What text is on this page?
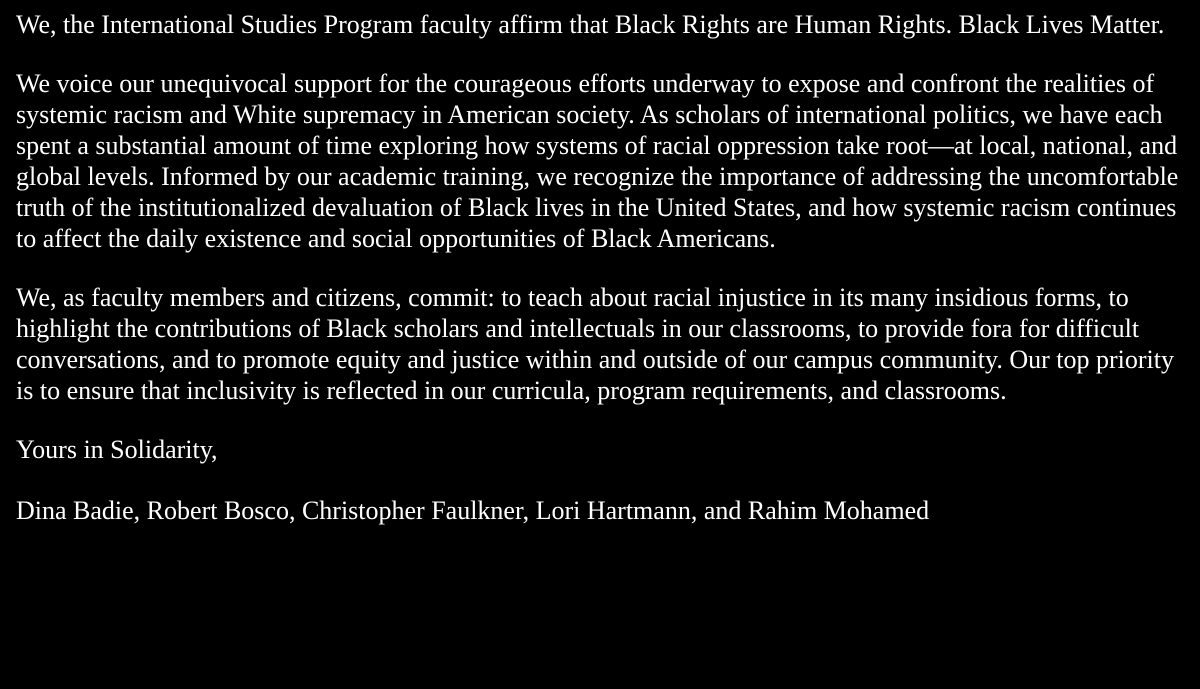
We, the International Studies Program faculty affirm that Black Rights are Human Rights. Black Lives Matter.

We voice our unequivocal support for the courageous efforts underway to expose and confront the realities of systemic racism and White supremacy in American society. As scholars of international politics, we have each spent a substantial amount of time exploring how systems of racial oppression take root—at local, national, and global levels. Informed by our academic training, we recognize the importance of addressing the uncomfortable truth of the institutionalized devaluation of Black lives in the United States, and how systemic racism continues to affect the daily existence and social opportunities of Black Americans.

We, as faculty members and citizens, commit: to teach about racial injustice in its many insidious forms, to highlight the contributions of Black scholars and intellectuals in our classrooms, to provide fora for difficult conversations, and to promote equity and justice within and outside of our campus community. Our top priority is to ensure that inclusivity is reflected in our curricula, program requirements, and classrooms.

Yours in Solidarity,

Dina Badie, Robert Bosco, Christopher Faulkner, Lori Hartmann, and Rahim Mohamed
